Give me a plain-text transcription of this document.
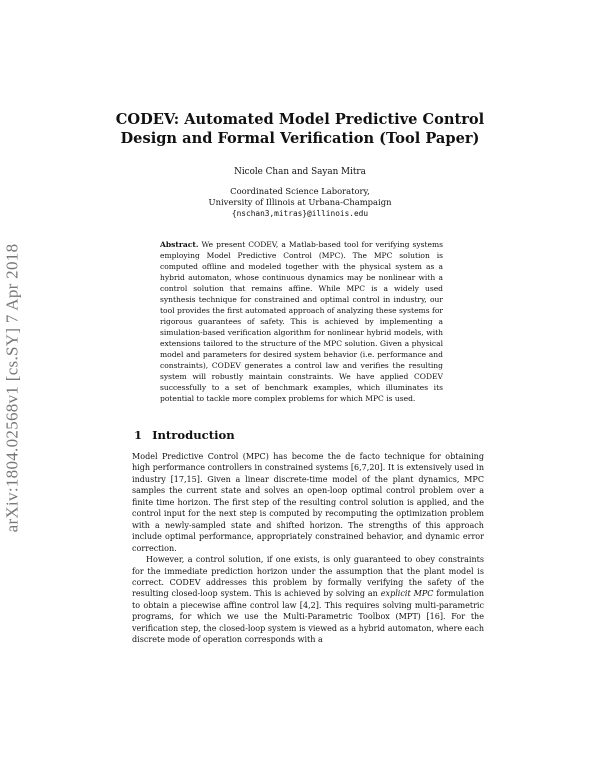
arXiv:1804.02568v1 [cs.SY] 7 Apr 2018
CODEV: Automated Model Predictive Control Design and Formal Verification (Tool Paper)
Nicole Chan and Sayan Mitra
Coordinated Science Laboratory,
University of Illinois at Urbana-Champaign
{nschan3,mitras}@illinois.edu

Abstract. We present CODEV, a Matlab-based tool for verifying systems employing Model Predictive Control (MPC). The MPC solution is computed offline and modeled together with the physical system as a hybrid automaton, whose continuous dynamics may be nonlinear with a control solution that remains affine. While MPC is a widely used synthesis technique for constrained and optimal control in industry, our tool provides the first automated approach of analyzing these systems for rigorous guarantees of safety. This is achieved by implementing a simulation-based verification algorithm for nonlinear hybrid models, with extensions tailored to the structure of the MPC solution. Given a physical model and parameters for desired system behavior (i.e. performance and constraints), CODEV generates a control law and verifies the resulting system will robustly maintain constraints. We have applied CODEV successfully to a set of benchmark examples, which illuminates its potential to tackle more complex problems for which MPC is used.

1 Introduction

Model Predictive Control (MPC) has become the de facto technique for obtaining high performance controllers in constrained systems [6,7,20]. It is extensively used in industry [17,15]. Given a linear discrete-time model of the plant dynamics, MPC samples the current state and solves an open-loop optimal control problem over a finite time horizon. The first step of the resulting control solution is applied, and the control input for the next step is computed by recomputing the optimization problem with a newly-sampled state and shifted horizon. The strengths of this approach include optimal performance, appropriately constrained behavior, and dynamic error correction.

However, a control solution, if one exists, is only guaranteed to obey constraints for the immediate prediction horizon under the assumption that the plant model is correct. CODEV addresses this problem by formally verifying the safety of the resulting closed-loop system. This is achieved by solving an explicit MPC formulation to obtain a piecewise affine control law [4,2]. This requires solving multi-parametric programs, for which we use the Multi-Parametric Toolbox (MPT) [16]. For the verification step, the closed-loop system is viewed as a hybrid automaton, where each discrete mode of operation corresponds with a
